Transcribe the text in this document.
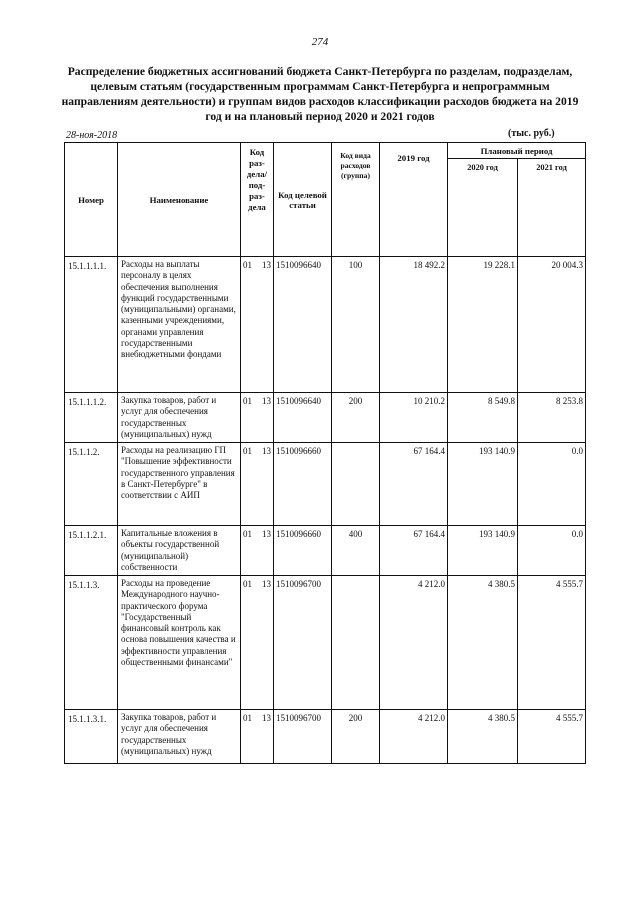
274
Распределение бюджетных ассигнований бюджета Санкт-Петербурга по разделам, подразделам, целевым статьям (государственным программам Санкт-Петербурга и непрограммным направлениям деятельности) и группам видов расходов классификации расходов бюджета на 2019 год и на плановый период 2020 и 2021 годов
28-ноя-2018	(тыс. руб.)
Номер	Наименование	Код раз-дела/ под-раз-дела	Код целевой статьи	Код вида расходов (группа)	2019 год	Плановый период	
						2020 год	2021 год
15.1.1.1.1.	Расходы на выплаты персоналу в целях обеспечения выполнения функций государственными (муниципальными) органами, казенными учреждениями, органами управления государственными внебюджетными фондами	01 13	1510096640	100	18 492.2	19 228.1	20 004.3
15.1.1.1.2.	Закупка товаров, работ и услуг для обеспечения государственных (муниципальных) нужд	01 13	1510096640	200	10 210.2	8 549.8	8 253.8
15.1.1.2.	Расходы на реализацию ГП "Повышение эффективности государственного управления в Санкт-Петербурге" в соответствии с АИП	01 13	1510096660		67 164.4	193 140.9	0.0
15.1.1.2.1.	Капитальные вложения в объекты государственной (муниципальной) собственности	01 13	1510096660	400	67 164.4	193 140.9	0.0
15.1.1.3.	Расходы на проведение Международного научно-практического форума "Государственный финансовый контроль как основа повышения качества и эффективности управления общественными финансами"	01 13	1510096700		4 212.0	4 380.5	4 555.7
15.1.1.3.1.	Закупка товаров, работ и услуг для обеспечения государственных (муниципальных) нужд	01 13	1510096700	200	4 212.0	4 380.5	4 555.7
